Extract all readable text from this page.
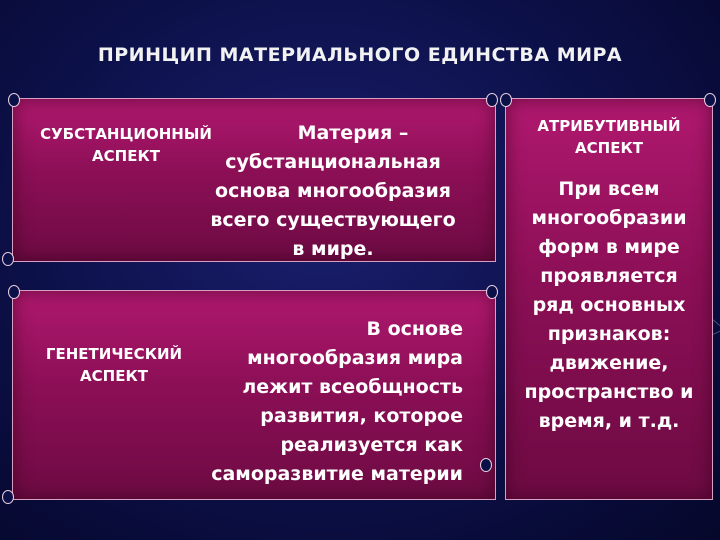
ПРИНЦИП МАТЕРИАЛЬНОГО ЕДИНСТВА МИРА
СУБСТАНЦИОННЫЙ
АСПЕКТ
Материя –
субстанциональная
основа многообразия
всего существующего
в мире.
ГЕНЕТИЧЕСКИЙ
АСПЕКТ
В основе
многообразия мира
лежит всеобщность
развития, которое
реализуется как
саморазвитие материи
АТРИБУТИВНЫЙ
АСПЕКТ
При всем
многообразии
форм в мире
проявляется
ряд основных
признаков:
движение,
пространство и
время, и т.д.
